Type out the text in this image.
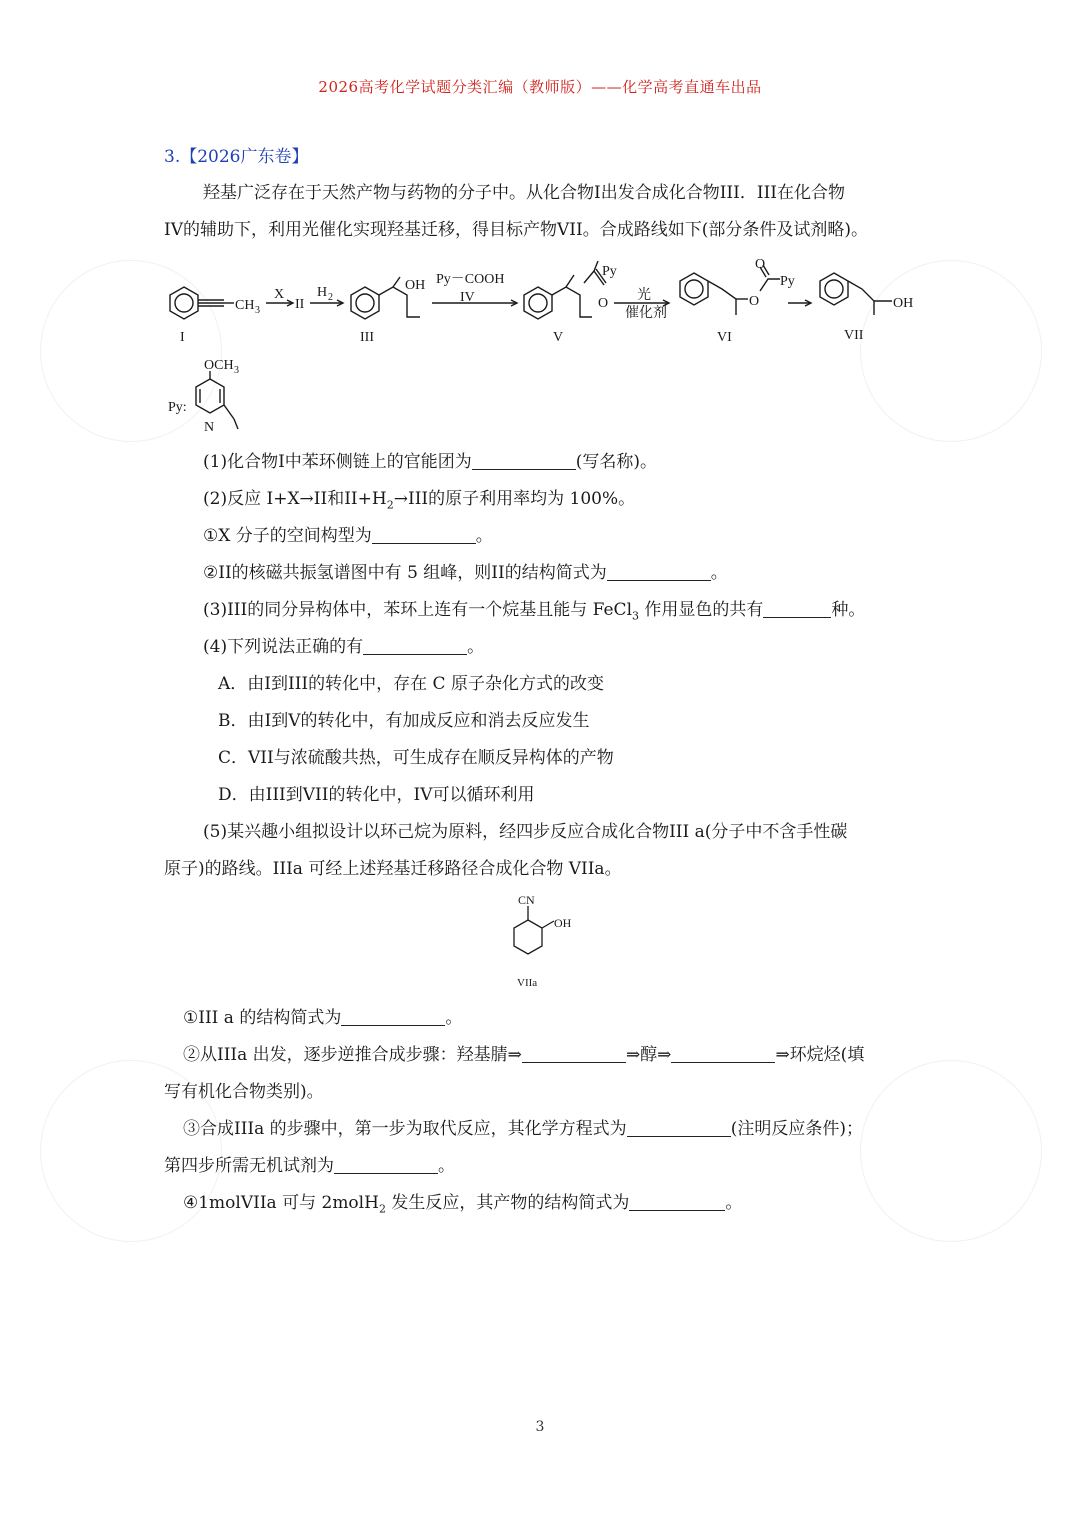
2026高考化学试题分类汇编（教师版）——化学高考直通车出品
3.【2026广东卷】
羟基广泛存在于天然产物与药物的分子中。从化合物I出发合成化合物III．III在化合物
IV的辅助下，利用光催化实现羟基迁移，得目标产物VII。合成路线如下(部分条件及试剂略)。
CH 3
X
II
H 2
OH Py－COOH
IV
Py
O
光
催化剂
O
O
Py
OH
I	III	V	VI	VII
Py:
OCH 3
N
(1)化合物I中苯环侧链上的官能团为	(写名称)。
(2)反应 I+X→II和$II+H_2\to III$的原子利用率均为 100%。
①X 分子的空间构型为	。
②II的核磁共振氢谱图中有 5 组峰，则II的结构简式为	。
(3)III的同分异构体中，苯环上连有一个烷基且能与 FeCl$_3$ 作用显色的共有	种。
(4)下列说法正确的有	。
A．由I到III的转化中，存在 C 原子杂化方式的改变
B．由I到V的转化中，有加成反应和消去反应发生
C．VII与浓硫酸共热，可生成存在顺反异构体的产物
D．由III到VII的转化中，IV可以循环利用
(5)某兴趣小组拟设计以环己烷为原料，经四步反应合成化合物III a(分子中不含手性碳
原子)的路线。IIIa 可经上述羟基迁移路径合成化合物 VIIa。
CN
OH
VIIa
①III a 的结构简式为	。
②从IIIa 出发，逐步逆推合成步骤：羟基腈⇒	⇒醇⇒	⇒环烷烃(填
写有机化合物类别)。
③合成IIIa 的步骤中，第一步为取代反应，其化学方程式为	(注明反应条件)；
第四步所需无机试剂为	。
④1molVIIa 可与 2molH$_2$ 发生反应，其产物的结构简式为	。
3
